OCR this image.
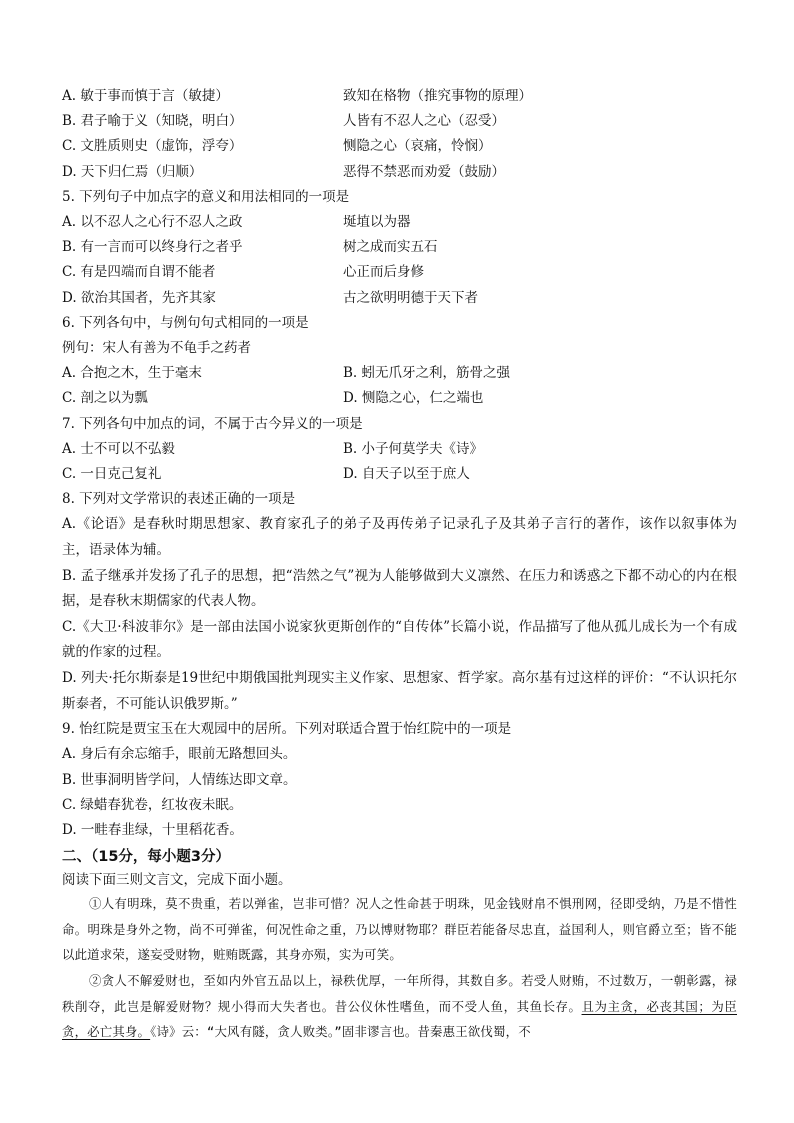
A. 敏于事而慎于言（敏捷）	致知在格物（推究事物的原理）
B. 君子喻于义（知晓，明白）	人皆有不忍人之心（忍受）
C. 文胜质则史（虚饰，浮夸）	恻隐之心（哀痛，怜悯）
D. 天下归仁焉（归顺）	恶得不禁恶而劝爱（鼓励）
5. 下列句子中加点字的意义和用法相同的一项是
A. 以不忍人之心行不忍人之政	埏埴以为器
B. 有一言而可以终身行之者乎	树之成而实五石
C. 有是四端而自谓不能者	心正而后身修
D. 欲治其国者，先齐其家	古之欲明明德于天下者
6. 下列各句中，与例句句式相同的一项是
例句：宋人有善为不龟手之药者
A. 合抱之木，生于毫末	B. 蚓无爪牙之利，筋骨之强
C. 剖之以为瓢	D. 恻隐之心，仁之端也
7. 下列各句中加点的词，不属于古今异义的一项是
A. 士不可以不弘毅	B. 小子何莫学夫《诗》
C. 一日克己复礼	D. 自天子以至于庶人
8. 下列对文学常识的表述正确的一项是
A.《论语》是春秋时期思想家、教育家孔子的弟子及再传弟子记录孔子及其弟子言行的著作，该作以叙事体为主，语录体为辅。
B. 孟子继承并发扬了孔子的思想，把“浩然之气”视为人能够做到大义凛然、在压力和诱惑之下都不动心的内在根据，是春秋末期儒家的代表人物。
C.《大卫·科波菲尔》是一部由法国小说家狄更斯创作的“自传体”长篇小说，作品描写了他从孤儿成长为一个有成就的作家的过程。
D. 列夫·托尔斯泰是19世纪中期俄国批判现实主义作家、思想家、哲学家。高尔基有过这样的评价：“不认识托尔斯泰者，不可能认识俄罗斯。”
9. 怡红院是贾宝玉在大观园中的居所。下列对联适合置于怡红院中的一项是
A. 身后有余忘缩手，眼前无路想回头。
B. 世事洞明皆学问，人情练达即文章。
C. 绿蜡春犹卷，红妆夜未眠。
D. 一畦春韭绿，十里稻花香。
二、（15分，每小题3分）
阅读下面三则文言文，完成下面小题。
①人有明珠，莫不贵重，若以弹雀，岂非可惜？况人之性命甚于明珠，见金钱财帛不惧刑网，径即受纳，乃是不惜性命。明珠是身外之物，尚不可弹雀，何况性命之重，乃以博财物耶？群臣若能备尽忠直，益国利人，则官爵立至；皆不能以此道求荣，遂妄受财物，赃贿既露，其身亦殒，实为可笑。
②贪人不解爱财也，至如内外官五品以上，禄秩优厚，一年所得，其数自多。若受人财贿，不过数万，一朝彰露，禄秩削夺，此岂是解爱财物？规小得而大失者也。昔公仪休性嗜鱼，而不受人鱼，其鱼长存。且为主贪，必丧其国；为臣贪，必亡其身。《诗》云：“大风有隧，贪人败类。”固非谬言也。昔秦惠王欲伐蜀，不
